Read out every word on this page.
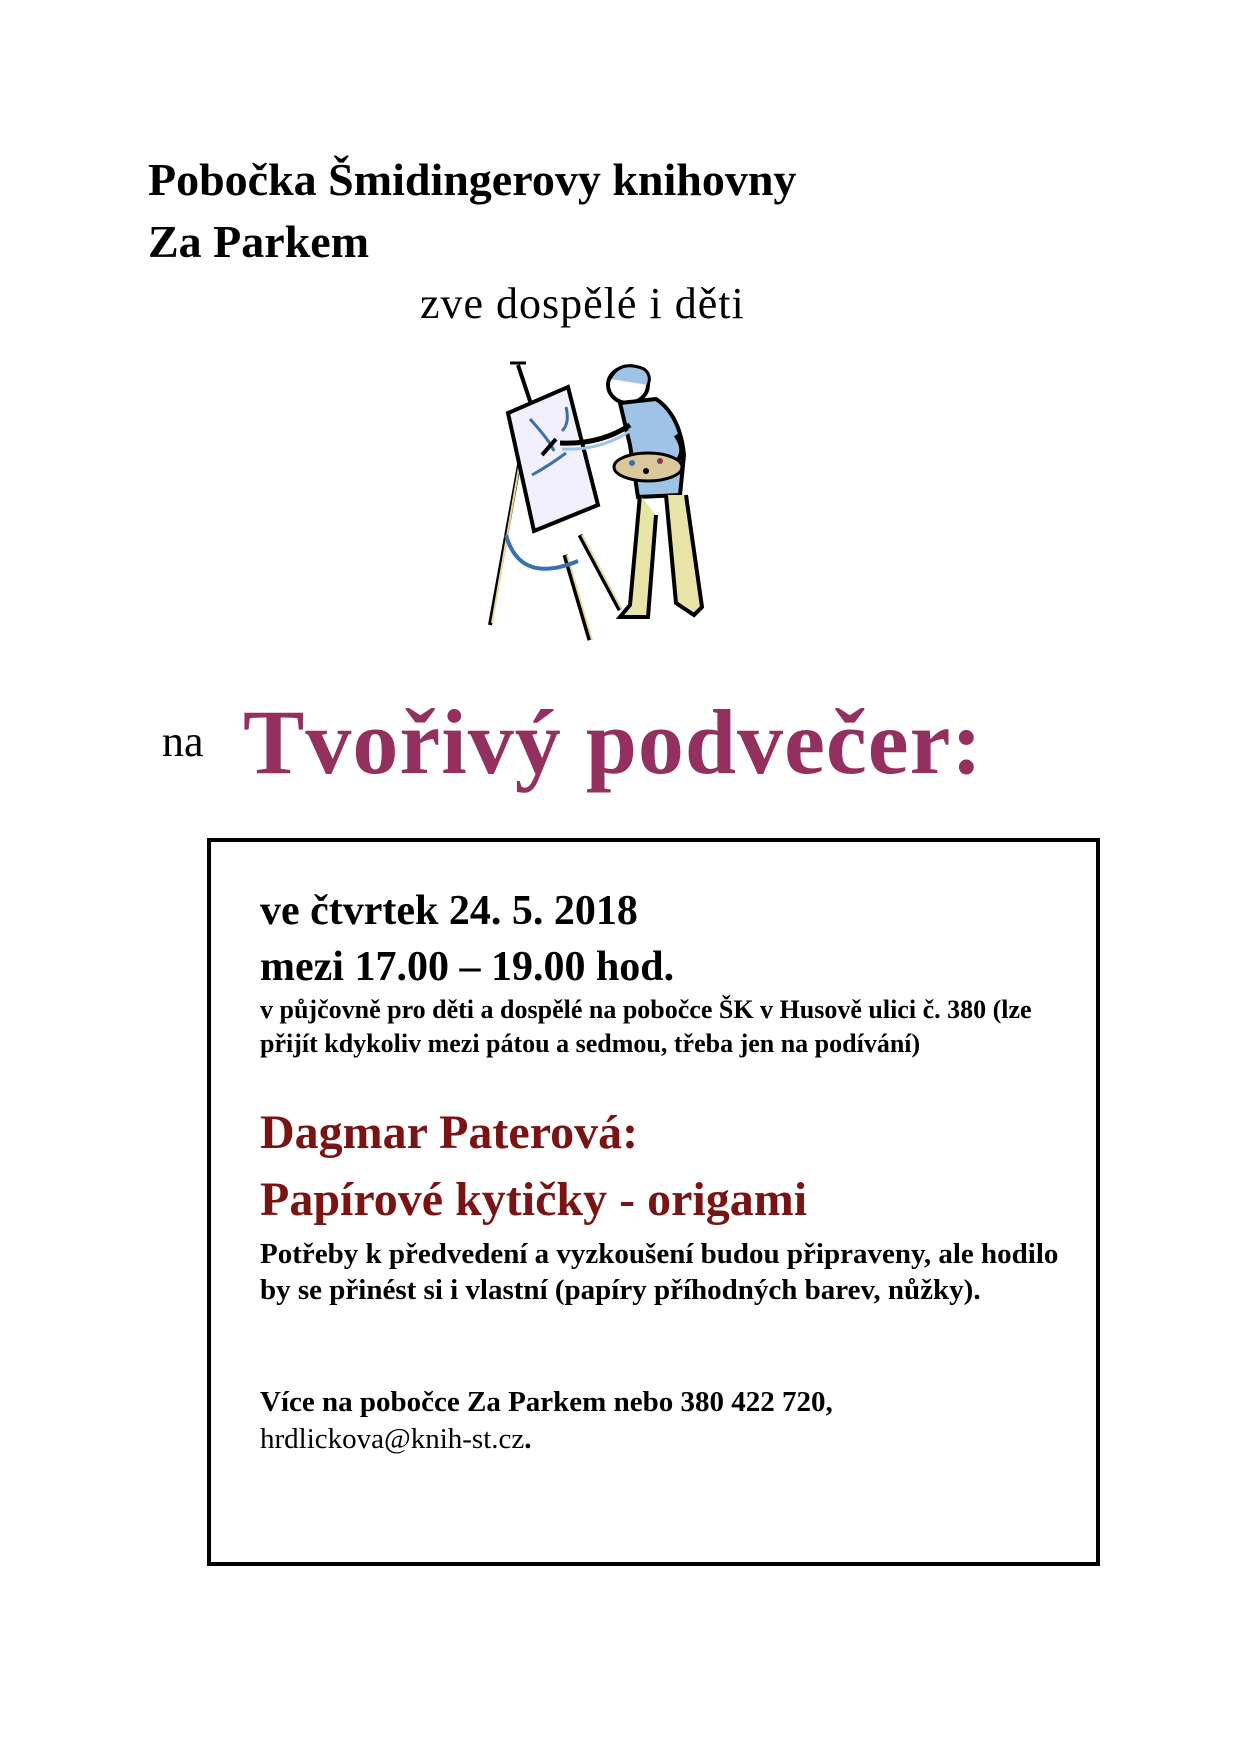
Pobočka Šmidingerovy knihovny
Za Parkem
zve dospělé i děti
na Tvořivý podvečer:
ve čtvrtek 24. 5. 2018
mezi 17.00 – 19.00 hod.
v půjčovně pro děti a dospělé na pobočce ŠK v Husově ulici č. 380 (lze přijít kdykoliv mezi pátou a sedmou, třeba jen na podívání)
Dagmar Paterová:
Papírové kytičky - origami
Potřeby k předvedení a vyzkoušení budou připraveny, ale hodilo by se přinést si i vlastní (papíry příhodných barev, nůžky).
Více na pobočce Za Parkem nebo 380 422 720,
hrdlickova@knih-st.cz.
